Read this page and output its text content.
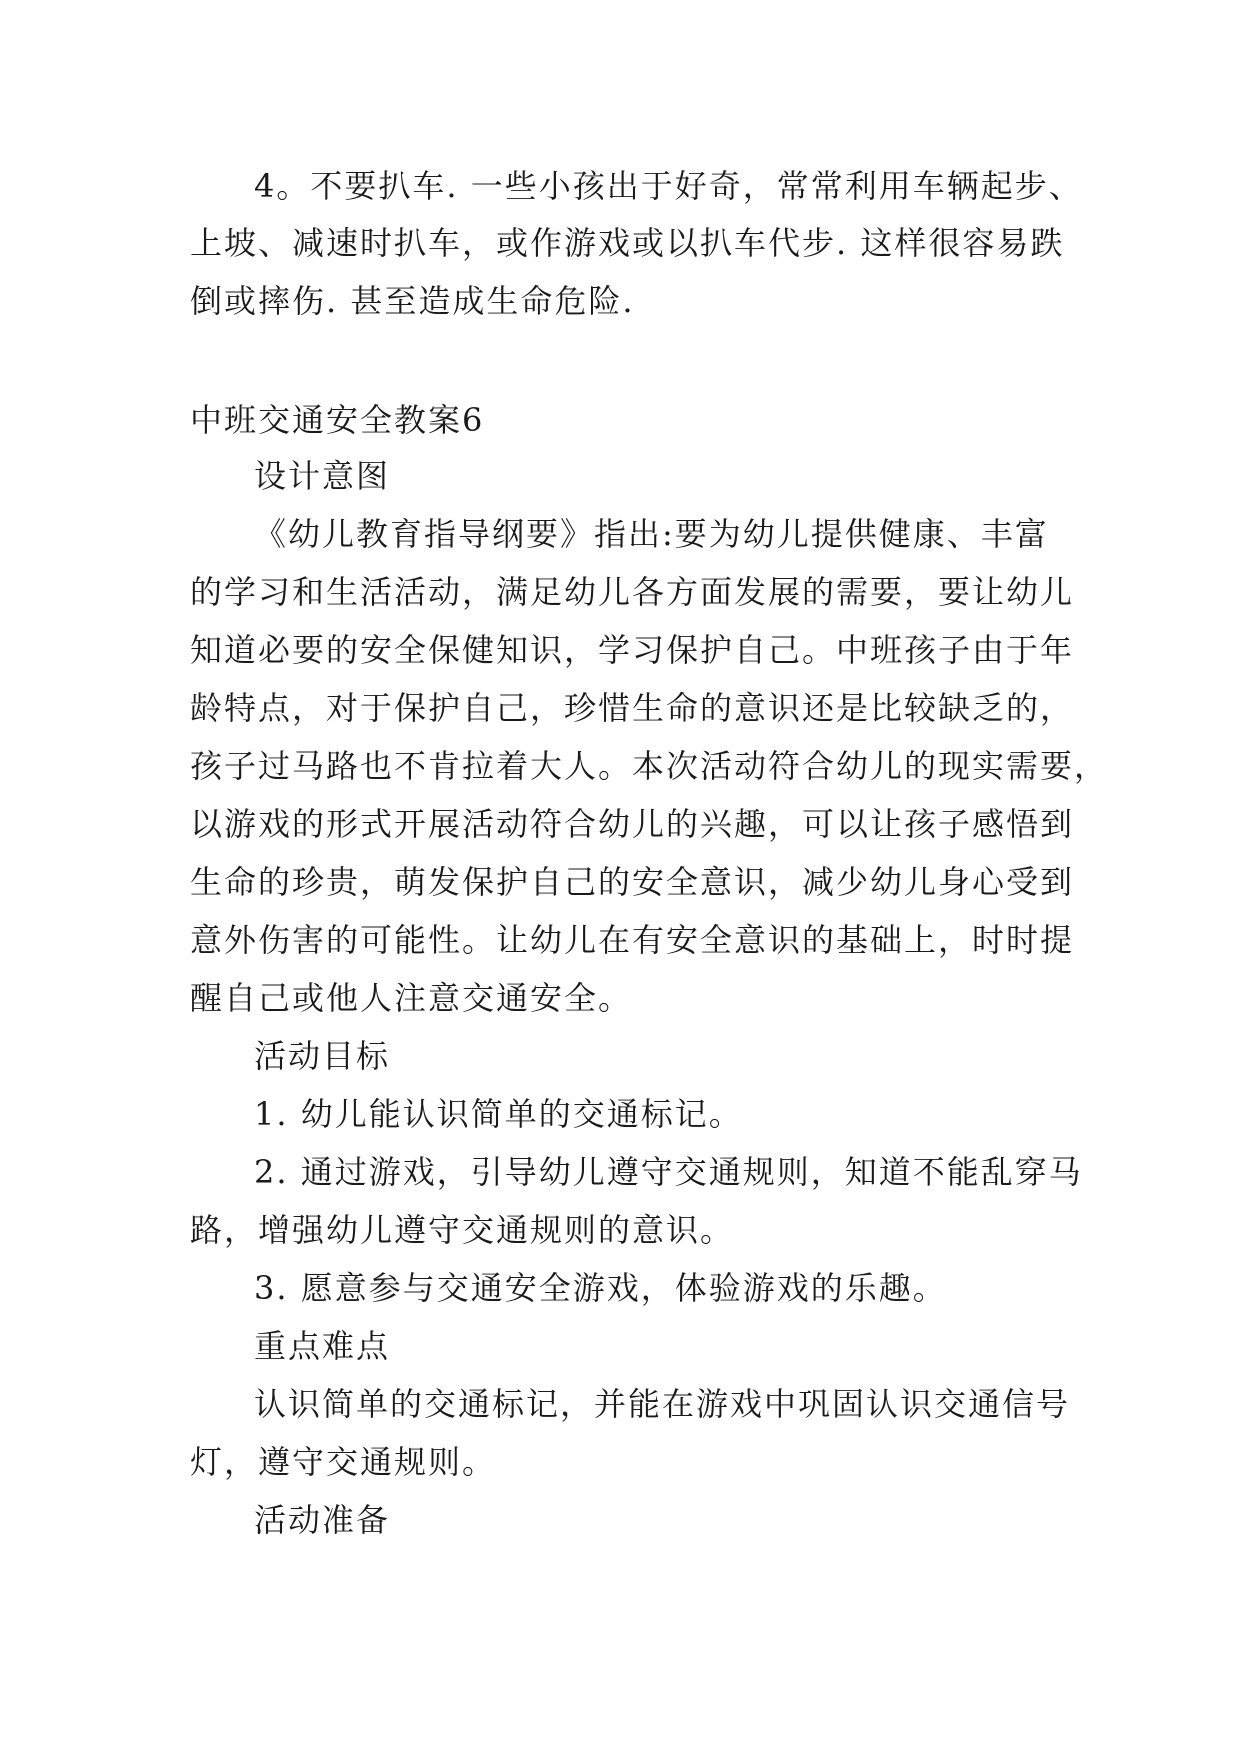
4。不要扒车. 一些小孩出于好奇，常常利用车辆起步、
上坡、减速时扒车，或作游戏或以扒车代步. 这样很容易跌
倒或摔伤. 甚至造成生命危险.
中班交通安全教案6
设计意图
《幼儿教育指导纲要》指出:要为幼儿提供健康、丰富
的学习和生活活动，满足幼儿各方面发展的需要，要让幼儿
知道必要的安全保健知识，学习保护自己。中班孩子由于年
龄特点，对于保护自己，珍惜生命的意识还是比较缺乏的，
孩子过马路也不肯拉着大人。本次活动符合幼儿的现实需要，
以游戏的形式开展活动符合幼儿的兴趣，可以让孩子感悟到
生命的珍贵，萌发保护自己的安全意识，减少幼儿身心受到
意外伤害的可能性。让幼儿在有安全意识的基础上，时时提
醒自己或他人注意交通安全。
活动目标
1. 幼儿能认识简单的交通标记。
2. 通过游戏，引导幼儿遵守交通规则，知道不能乱穿马
路，增强幼儿遵守交通规则的意识。
3. 愿意参与交通安全游戏，体验游戏的乐趣。
重点难点
认识简单的交通标记，并能在游戏中巩固认识交通信号
灯，遵守交通规则。
活动准备
